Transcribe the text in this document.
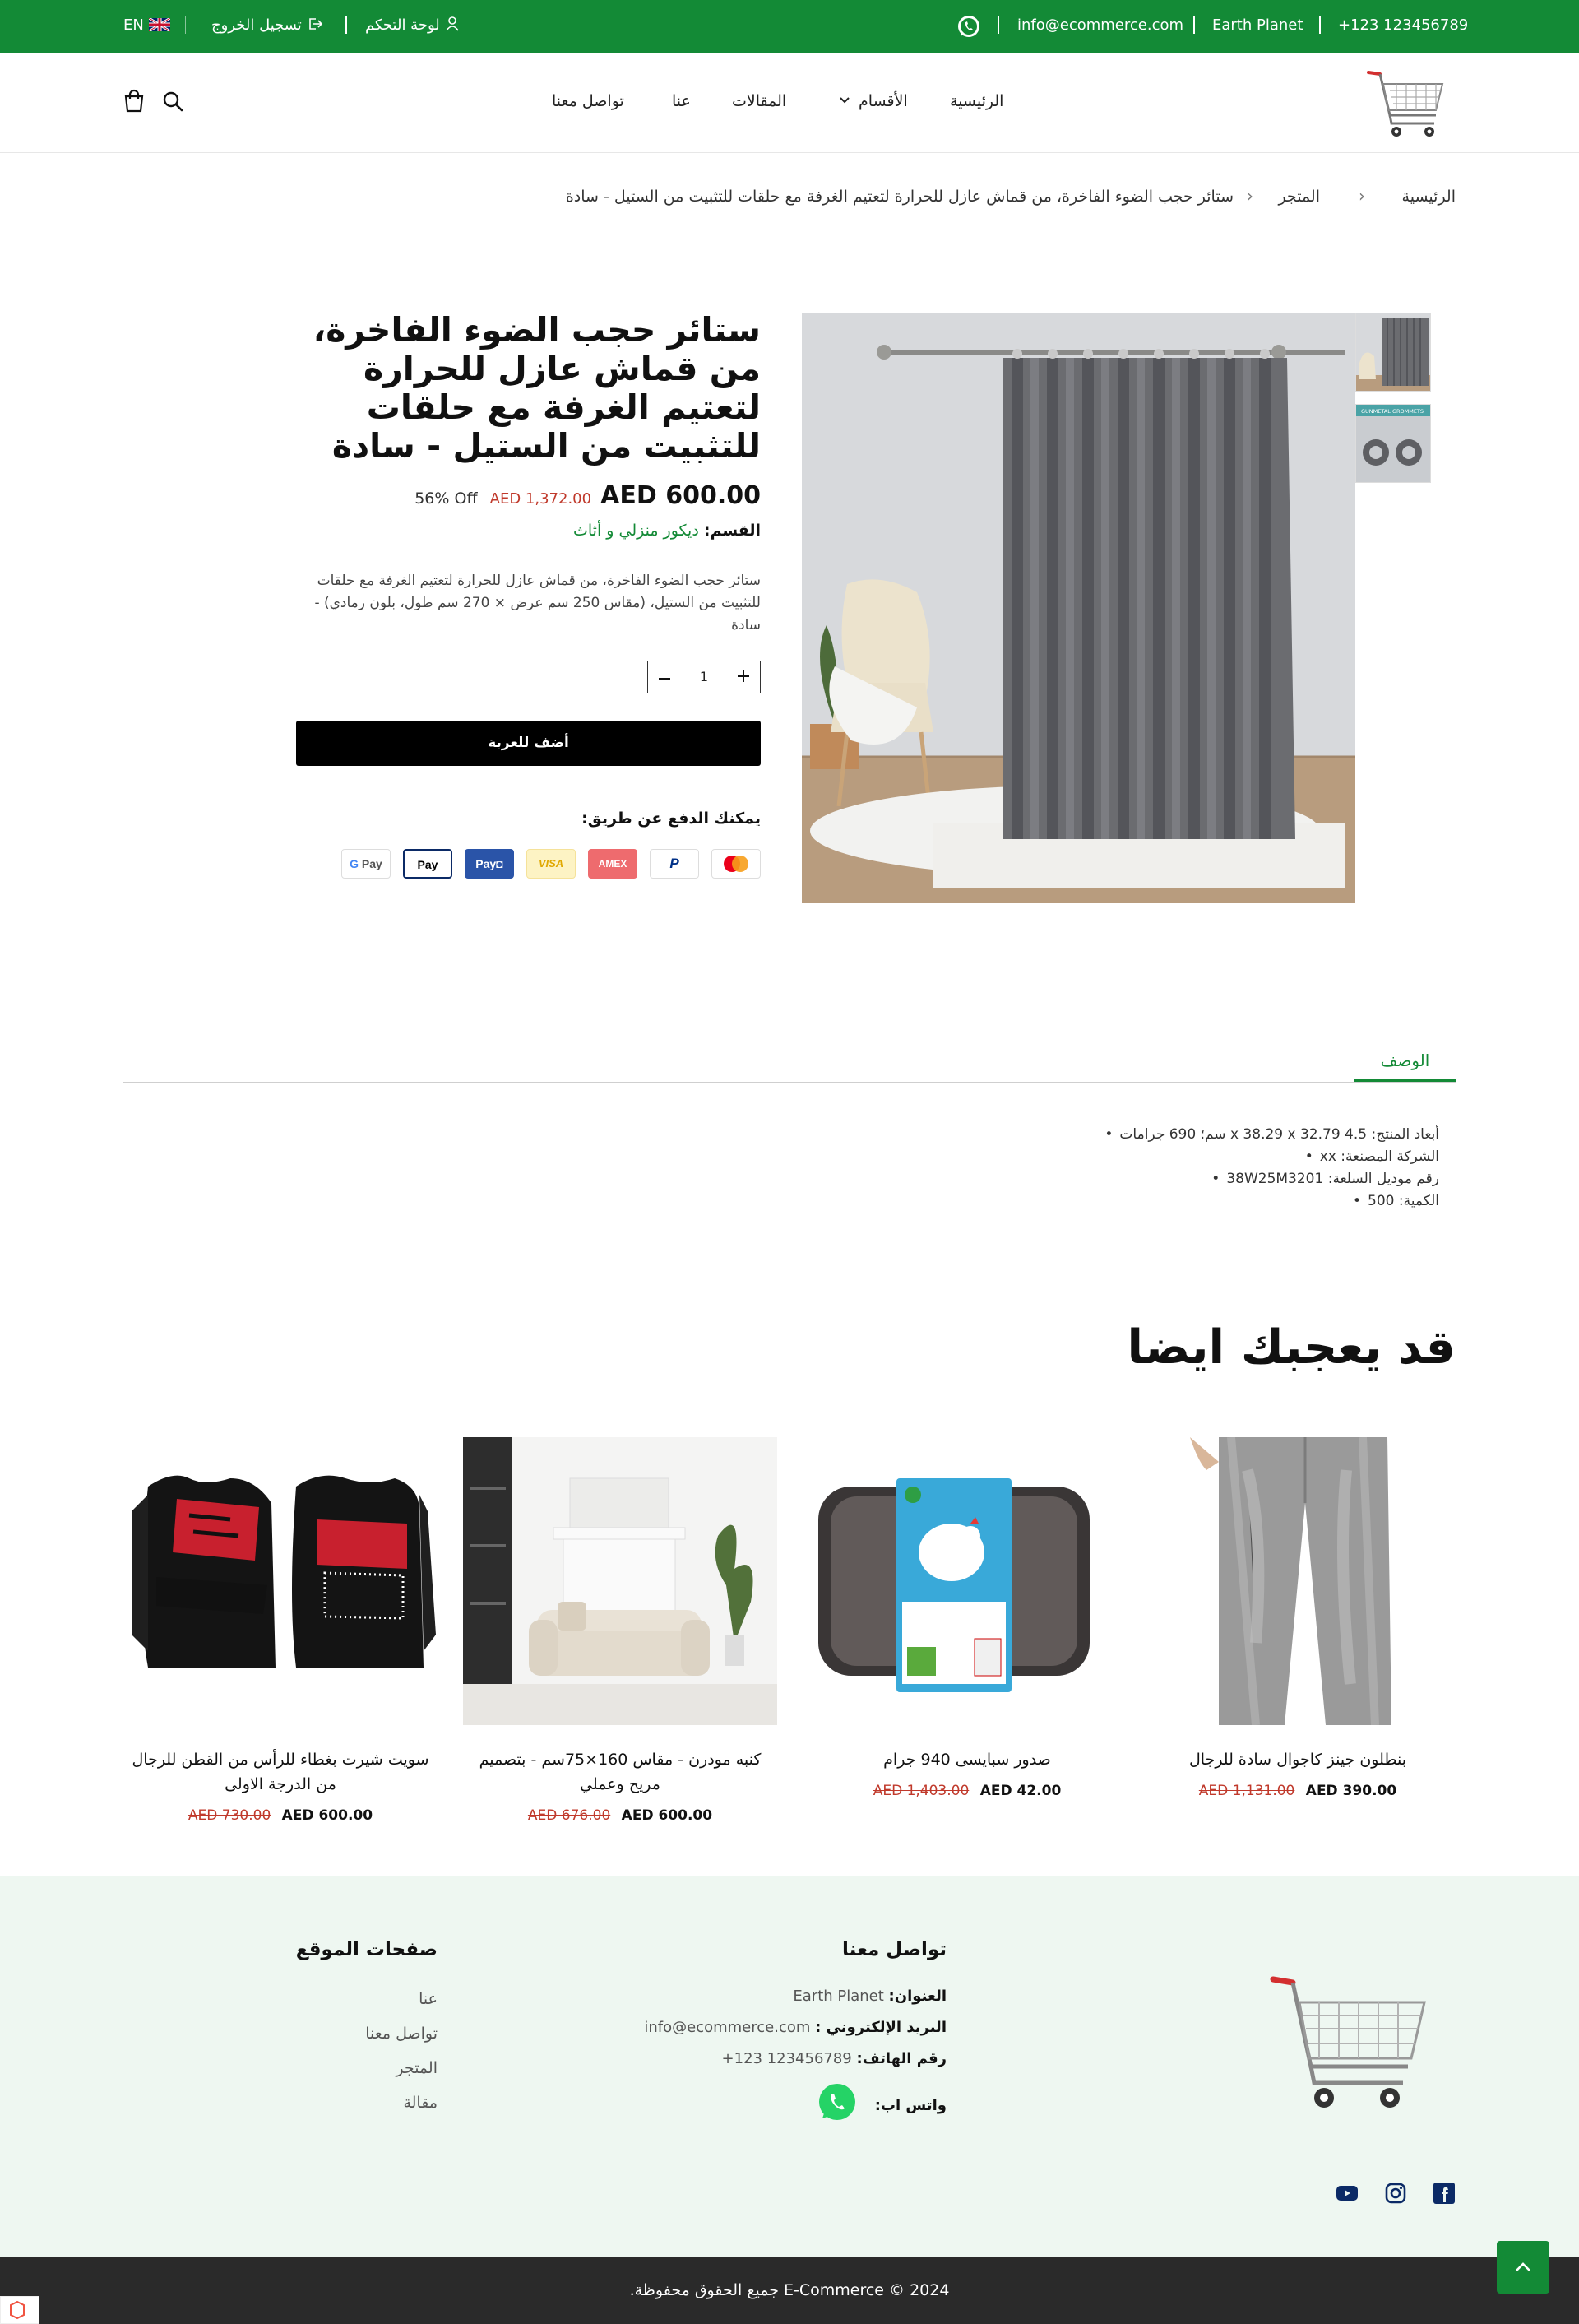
+123 123456789
Earth Planet
info@ecommerce.com
لوحة التحكم
تسجيل الخروج
EN
الرئيسية
الأقسام
المقالات
عنا
تواصل معنا
الرئيسية
‹
المتجر
‹
ستائر حجب الضوء الفاخرة، من قماش عازل للحرارة لتعتيم الغرفة مع حلقات للتثبيت من الستيل - سادة
GUNMETAL GROMMETS
ستائر حجب الضوء الفاخرة، من قماش عازل للحرارة لتعتيم الغرفة مع حلقات للتثبيت من الستيل - سادة
56% Off AED 1,372.00 AED 600.00
القسم: ديكور منزلي و أثاث

ستائر حجب الضوء الفاخرة، من قماش عازل للحرارة لتعتيم الغرفة مع حلقات للتثبيت من الستيل، (مقاس 250 سم عرض × 270 سم طول، بلون رمادي) - سادة

1
أضف للعربة
يمكنك الدفع عن طريق:
P
AMEX
VISA
◘Pay
Pay
G Pay
الوصف
أبعاد المنتج: 4.5 x 38.29 x 32.79 سم؛ 690 جرامات •
الشركة المصنعة: xx •
رقم موديل السلعة: 38W25M3201 •
الكمية: 500 •
قد يعجبك ايضا
بنطلون جينز كاجوال سادة للرجال
AED 1,131.00 AED 390.00
صدور سبايسى 940 جرام
AED 1,403.00 AED 42.00
كنبه مودرن - مقاس 160×75سم - بتصميم مريح وعملي
AED 676.00 AED 600.00
سويت شيرت بغطاء للرأس من القطن للرجال من الدرجة الاولى
AED 730.00 AED 600.00
تواصل معنا
العنوان: Earth Planet
البريد الإلكتروني : info@ecommerce.com
رقم الهاتف: +123 123456789
واتس اب:
صفحات الموقع
عنا
تواصل معنا
المتجر
مقالة
2024 © E-Commerce جميع الحقوق محفوظة.
